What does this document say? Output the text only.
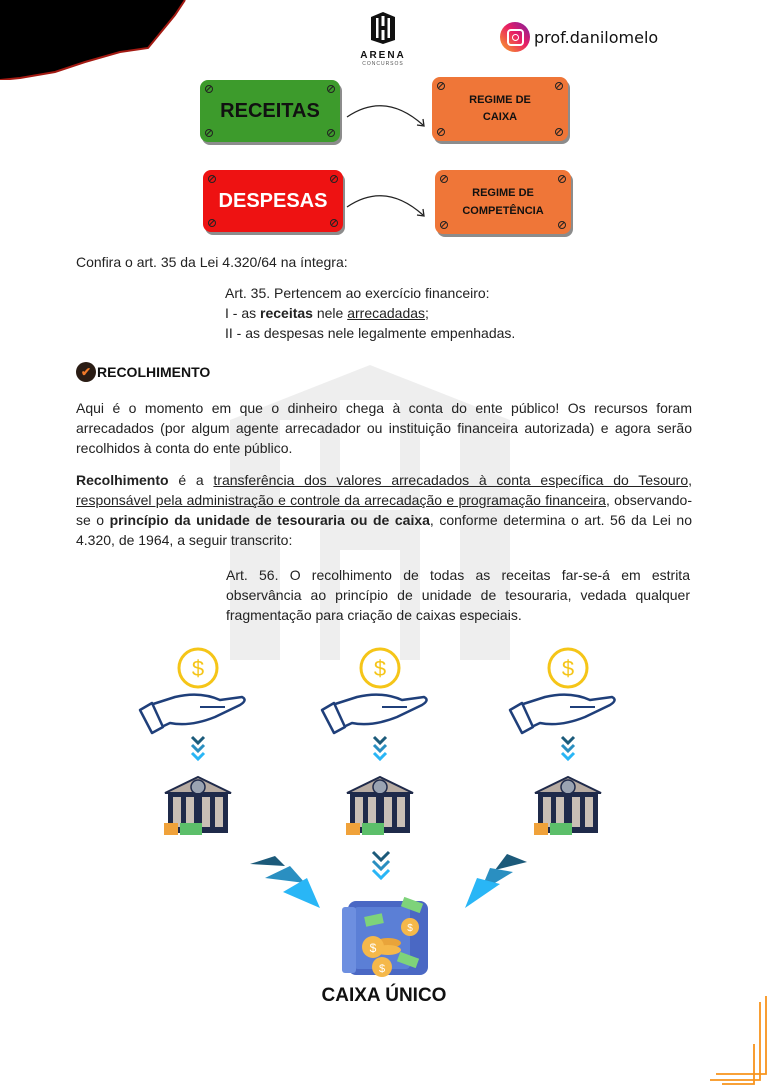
ARENA
CONCURSOS
prof.danilomelo
RECEITAS	REGIME DE
CAIXA
DESPESAS	REGIME DE
COMPETÊNCIA
Confira o art. 35 da Lei 4.320/64 na íntegra:
Art. 35. Pertencem ao exercício financeiro:
I - as receitas nele arrecadadas;
II - as despesas nele legalmente empenhadas.
✔ RECOLHIMENTO
Aqui é o momento em que o dinheiro chega à conta do ente público! Os recursos foram arrecadados (por algum agente arrecadador ou instituição financeira autorizada) e agora serão recolhidos à conta do ente público.
Recolhimento é a transferência dos valores arrecadados à conta específica do Tesouro, responsável pela administração e controle da arrecadação e programação financeira, observando-se o princípio da unidade de tesouraria ou de caixa, conforme determina o art. 56 da Lei no 4.320, de 1964, a seguir transcrito:
Art. 56. O recolhimento de todas as receitas far-se-á em estrita observância ao princípio de unidade de tesouraria, vedada qualquer fragmentação para criação de caixas especiais.
$
$
$
CAIXA ÚNICO
